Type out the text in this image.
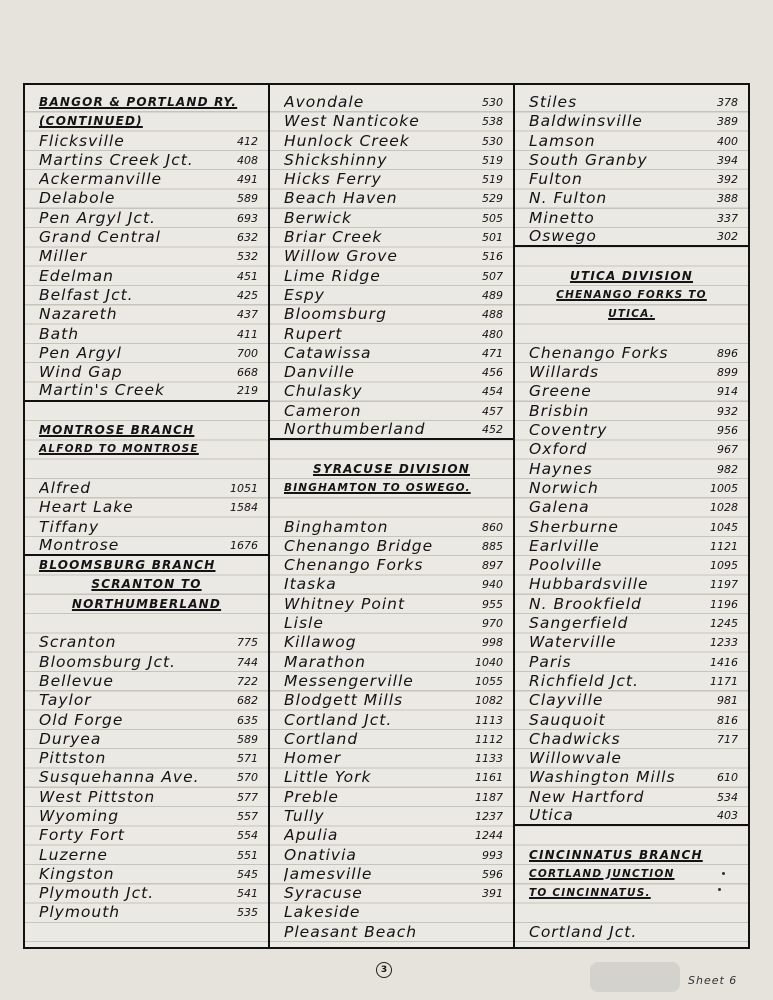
BANGOR & PORTLAND RY.
(CONTINUED)
Flicksville	412
Martins Creek Jct.	408
Ackermanville	491
Delabole	589
Pen Argyl Jct.	693
Grand Central	632
Miller	532
Edelman	451
Belfast Jct.	425
Nazareth	437
Bath	411
Pen Argyl	700
Wind Gap	668
Martin's Creek	219
MONTROSE BRANCH
ALFORD TO MONTROSE
Alfred	1051
Heart Lake	1584
Tiffany
Montrose	1676
BLOOMSBURG BRANCH
SCRANTON TO
NORTHUMBERLAND
Scranton	775
Bloomsburg Jct.	744
Bellevue	722
Taylor	682
Old Forge	635
Duryea	589
Pittston	571
Susquehanna Ave.	570
West Pittston	577
Wyoming	557
Forty Fort	554
Luzerne	551
Kingston	545
Plymouth Jct.	541
Plymouth	535
Avondale	530
West Nanticoke	538
Hunlock Creek	530
Shickshinny	519
Hicks Ferry	519
Beach Haven	529
Berwick	505
Briar Creek	501
Willow Grove	516
Lime Ridge	507
Espy	489
Bloomsburg	488
Rupert	480
Catawissa	471
Danville	456
Chulasky	454
Cameron	457
Northumberland	452
SYRACUSE DIVISION
BINGHAMTON TO OSWEGO.
Binghamton	860
Chenango Bridge	885
Chenango Forks	897
Itaska	940
Whitney Point	955
Lisle	970
Killawog	998
Marathon	1040
Messengerville	1055
Blodgett Mills	1082
Cortland Jct.	1113
Cortland	1112
Homer	1133
Little York	1161
Preble	1187
Tully	1237
Apulia	1244
Onativia	993
Jamesville	596
Syracuse	391
Lakeside
Pleasant Beach
Stiles	378
Baldwinsville	389
Lamson	400
South Granby	394
Fulton	392
N. Fulton	388
Minetto	337
Oswego	302
UTICA DIVISION
CHENANGO FORKS TO
UTICA.
Chenango Forks	896
Willards	899
Greene	914
Brisbin	932
Coventry	956
Oxford	967
Haynes	982
Norwich	1005
Galena	1028
Sherburne	1045
Earlville	1121
Poolville	1095
Hubbardsville	1197
N. Brookfield	1196
Sangerfield	1245
Waterville	1233
Paris	1416
Richfield Jct.	1171
Clayville	981
Sauquoit	816
Chadwicks	717
Willowvale
Washington Mills	610
New Hartford	534
Utica	403
CINCINNATUS BRANCH
CORTLAND JUNCTION
TO CINCINNATUS.
Cortland Jct.
3
Sheet 6
